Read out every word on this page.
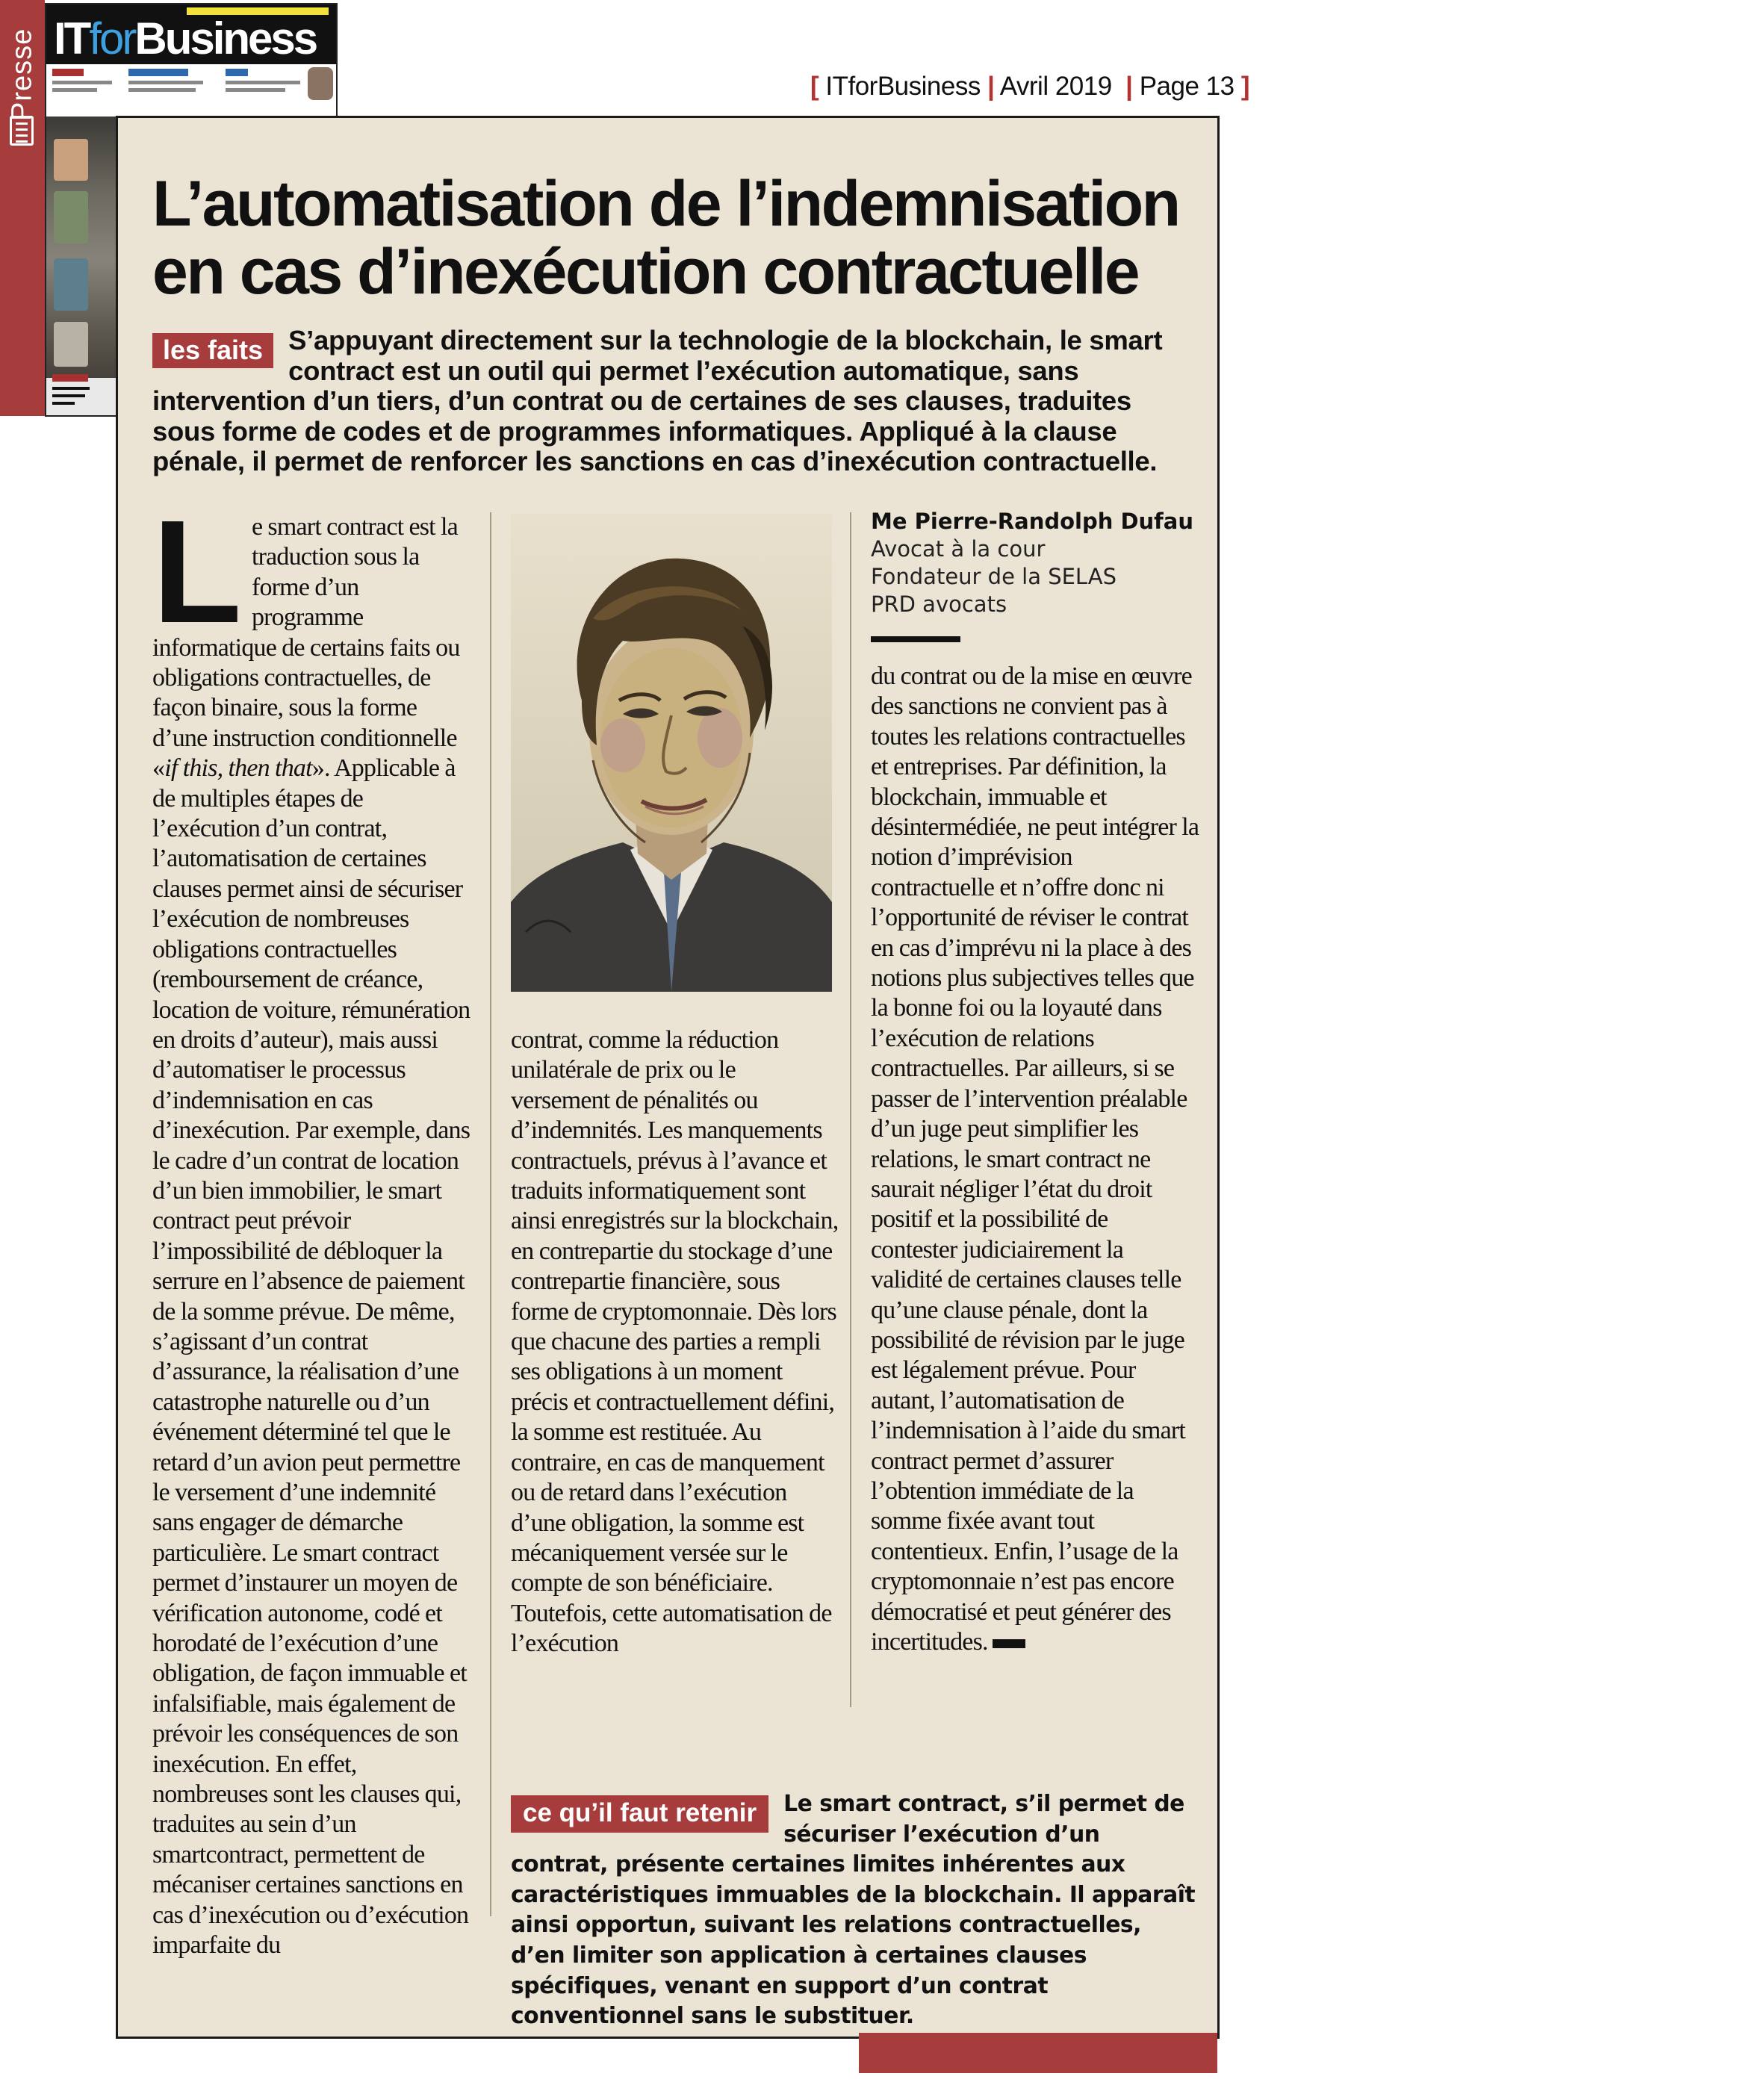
Presse ITforBusiness
[ ITforBusiness | Avril 2019 | Page 13 ]
L’automatisation de l’indemnisation
en cas d’inexécution contractuelle
les faits S’appuyant directement sur la technologie de la blockchain, le smart contract est un outil qui permet l’exécution automatique, sans intervention d’un tiers, d’un contrat ou de certaines de ses clauses, traduites sous forme de codes et de programmes informatiques. Appliqué à la clause pénale, il permet de renforcer les sanctions en cas d’inexécution contractuelle.
L e smart contract est la traduction sous la forme d’un programme informatique de certains faits ou obligations contractuelles, de façon binaire, sous la forme d’une instruction conditionnelle «if this, then that». Applicable à de multiples étapes de l’exécution d’un contrat, l’automatisation de certaines clauses permet ainsi de sécuriser l’exécution de nombreuses obligations contractuelles (remboursement de créance, location de voiture, rémunération en droits d’auteur), mais aussi d’automatiser le processus d’indemnisation en cas d’inexécution. Par exemple, dans le cadre d’un contrat de location d’un bien immobilier, le smart contract peut prévoir l’impossibilité de débloquer la serrure en l’absence de paiement de la somme prévue. De même, s’agissant d’un contrat d’assurance, la réalisation d’une catastrophe naturelle ou d’un événement déterminé tel que le retard d’un avion peut permettre le versement d’une indemnité sans engager de démarche particulière. Le smart contract permet d’instaurer un moyen de vérification autonome, codé et horodaté de l’exécution d’une obligation, de façon immuable et infalsifiable, mais également de prévoir les conséquences de son inexécution. En effet, nombreuses sont les clauses qui, traduites au sein d’un smartcontract, permettent de mécaniser certaines sanctions en cas d’inexécution ou d’exécution imparfaite du
contrat, comme la réduction unilatérale de prix ou le versement de pénalités ou d’indemnités. Les manquements contractuels, prévus à l’avance et traduits informatiquement sont ainsi enregistrés sur la blockchain, en contrepartie du stockage d’une contrepartie financière, sous forme de cryptomonnaie. Dès lors que chacune des parties a rempli ses obligations à un moment précis et contractuellement défini, la somme est restituée. Au contraire, en cas de manquement ou de retard dans l’exécution d’une obligation, la somme est mécaniquement versée sur le compte de son bénéficiaire. Toutefois, cette automatisation de l’exécution
Me Pierre-Randolph Dufau
Avocat à la cour
Fondateur de la SELAS
PRD avocats
du contrat ou de la mise en œuvre des sanctions ne convient pas à toutes les relations contractuelles et entreprises. Par définition, la blockchain, immuable et désintermédiée, ne peut intégrer la notion d’imprévision contractuelle et n’offre donc ni l’opportunité de réviser le contrat en cas d’imprévu ni la place à des notions plus subjectives telles que la bonne foi ou la loyauté dans l’exécution de relations contractuelles. Par ailleurs, si se passer de l’intervention préalable d’un juge peut simplifier les relations, le smart contract ne saurait négliger l’état du droit positif et la possibilité de contester judiciairement la validité de certaines clauses telle qu’une clause pénale, dont la possibilité de révision par le juge est légalement prévue. Pour autant, l’automatisation de l’indemnisation à l’aide du smart contract permet d’assurer l’obtention immédiate de la somme fixée avant tout contentieux. Enfin, l’usage de la cryptomonnaie n’est pas encore démocratisé et peut générer des incertitudes.
ce qu’il faut retenir	Le smart contract, s’il permet de sécuriser l’exécution d’un contrat, présente certaines limites inhérentes aux caractéristiques immuables de la blockchain. Il apparaît ainsi opportun, suivant les relations contractuelles, d’en limiter son application à certaines clauses spécifiques, venant en support d’un contrat conventionnel sans le substituer.
